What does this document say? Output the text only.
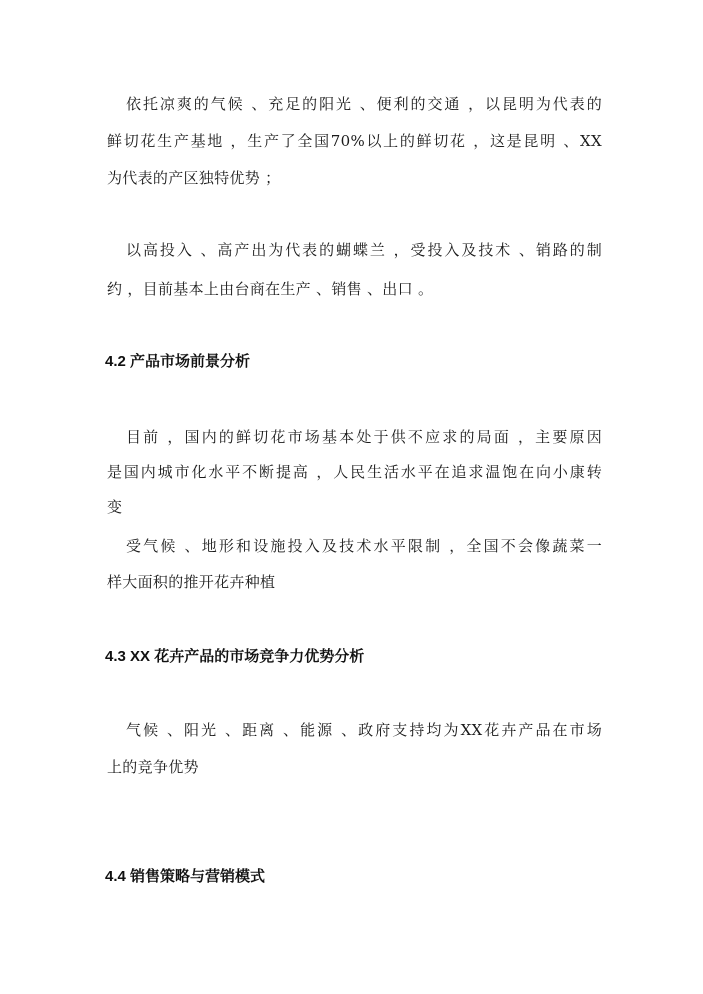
依托凉爽的气候 、充足的阳光 、便利的交通 ，以昆明为代表的
鲜切花生产基地 ，生产了全国70%以上的鲜切花 ，这是昆明 、XX
为代表的产区独特优势 ；
以高投入 、高产出为代表的蝴蝶兰 ，受投入及技术 、销路的制
约 ，目前基本上由台商在生产 、销售 、出口 。
4.2 产品市场前景分析
目前 ，国内的鲜切花市场基本处于供不应求的局面 ，主要原因
是国内城市化水平不断提高 ，人民生活水平在追求温饱在向小康转
变
受气候 、地形和设施投入及技术水平限制 ，全国不会像蔬菜一
样大面积的推开花卉种植
4.3 XX 花卉产品的市场竞争力优势分析
气候 、阳光 、距离 、能源 、政府支持均为XX花卉产品在市场
上的竞争优势
4.4 销售策略与营销模式
